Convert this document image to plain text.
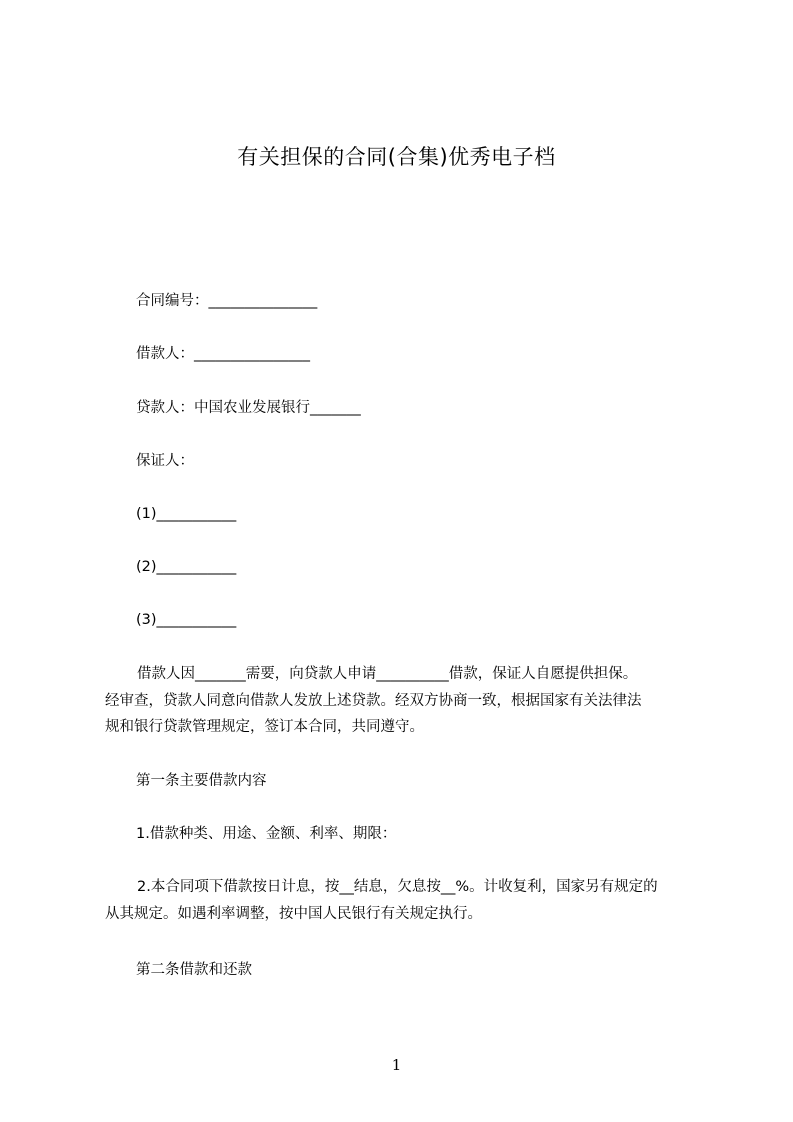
有关担保的合同(合集)优秀电子档
合同编号：_______________
借款人：________________
贷款人：中国农业发展银行_______
保证人：
(1)___________
(2)___________
(3)___________
借款人因_______需要，向贷款人申请__________借款，保证人自愿提供担保。
经审查，贷款人同意向借款人发放上述贷款。经双方协商一致，根据国家有关法律法
规和银行贷款管理规定，签订本合同，共同遵守。
第一条主要借款内容
1.借款种类、用途、金额、利率、期限：
2.本合同项下借款按日计息，按__结息，欠息按__%。计收复利，国家另有规定的
从其规定。如遇利率调整，按中国人民银行有关规定执行。
第二条借款和还款
1
